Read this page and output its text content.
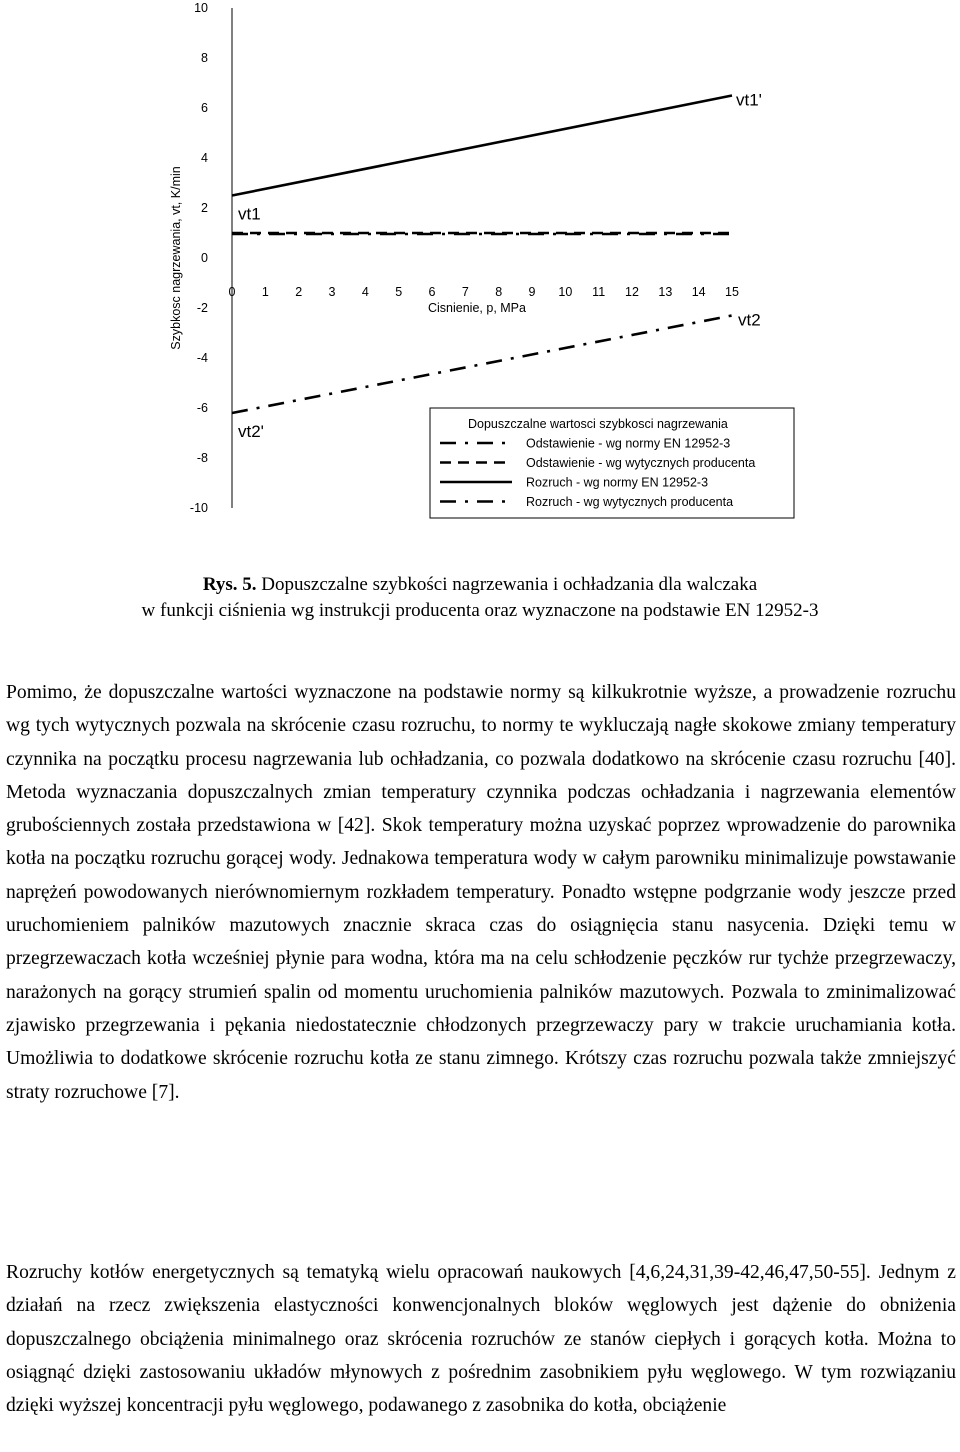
10
8
6
4
2
0
-2
-4
-6
-8
-10
0 1 2 3 4 5 6 7 8 9 10 11 12 13 14 15
Cisnienie, p, MPa
Szybkosc nagrzewania, vt, K/min	vt2
vt2'
vt1
vt1'
Dopuszczalne wartosci szybkosci nagrzewania
Odstawienie - wg normy EN 12952-3
Odstawienie - wg wytycznych producenta
Rozruch - wg normy EN 12952-3
Rozruch - wg wytycznych producenta
Rys. 5. Dopuszczalne szybkości nagrzewania i ochładzania dla walczaka
w funkcji ciśnienia wg instrukcji producenta oraz wyznaczone na podstawie EN 12952-3

Pomimo, że dopuszczalne wartości wyznaczone na podstawie normy są kilkukrotnie wyższe, a prowadzenie rozruchu wg tych wytycznych pozwala na skrócenie czasu rozruchu, to normy te wykluczają nagłe skokowe zmiany temperatury czynnika na początku procesu nagrzewania lub ochładzania, co pozwala dodatkowo na skrócenie czasu rozruchu [40]. Metoda wyznaczania dopuszczalnych zmian temperatury czynnika podczas ochładzania i nagrzewania elementów grubościennych została przedstawiona w [42]. Skok temperatury można uzyskać poprzez wprowadzenie do parownika kotła na początku rozruchu gorącej wody. Jednakowa temperatura wody w całym parowniku minimalizuje powstawanie naprężeń powodowanych nierównomiernym rozkładem temperatury. Ponadto wstępne podgrzanie wody jeszcze przed uruchomieniem palników mazutowych znacznie skraca czas do osiągnięcia stanu nasycenia. Dzięki temu w przegrzewaczach kotła wcześniej płynie para wodna, która ma na celu schłodzenie pęczków rur tychże przegrzewaczy, narażonych na gorący strumień spalin od momentu uruchomienia palników mazutowych. Pozwala to zminimalizować zjawisko przegrzewania i pękania niedostatecznie chłodzonych przegrzewaczy pary w trakcie uruchamiania kotła. Umożliwia to dodatkowe skrócenie rozruchu kotła ze stanu zimnego. Krótszy czas rozruchu pozwala także zmniejszyć straty rozruchowe [7].

Rozruchy kotłów energetycznych są tematyką wielu opracowań naukowych [4,6,24,31,39-42,46,47,50-55]. Jednym z działań na rzecz zwiększenia elastyczności konwencjonalnych bloków węglowych jest dążenie do obniżenia dopuszczalnego obciążenia minimalnego oraz skrócenia rozruchów ze stanów ciepłych i gorących kotła. Można to osiągnąć dzięki zastosowaniu układów młynowych z pośrednim zasobnikiem pyłu węglowego. W tym rozwiązaniu dzięki wyższej koncentracji pyłu węglowego, podawanego z zasobnika do kotła, obciążenie
